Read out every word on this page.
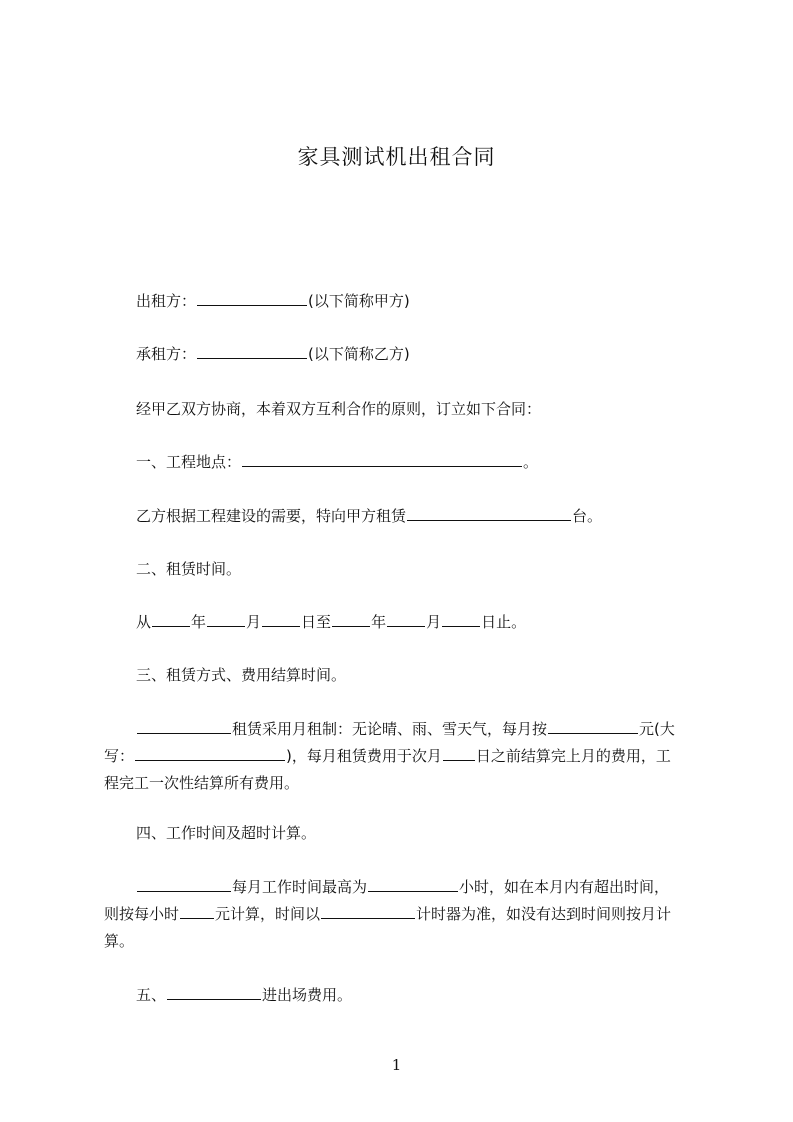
家具测试机出租合同
出租方：	(以下简称甲方)
承租方：	(以下简称乙方)
经甲乙双方协商，本着双方互利合作的原则，订立如下合同：
一、工程地点：	。
乙方根据工程建设的需要，特向甲方租赁	台。
二、租赁时间。
从	年	月	日至	年	月	日止。
三、租赁方式、费用结算时间。
租赁采用月租制：无论晴、雨、雪天气，每月按	元(大
写：	)，每月租赁费用于次月 日之前结算完上月的费用，工
程完工一次性结算所有费用。
四、工作时间及超时计算。
每月工作时间最高为	小时，如在本月内有超出时间，
则按每小时 元计算，时间以	计时器为准，如没有达到时间则按月计
算。
五、	进出场费用。
1
